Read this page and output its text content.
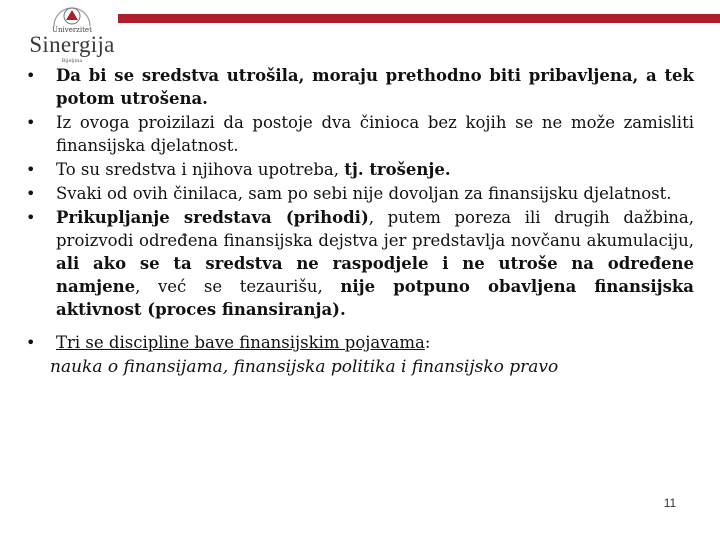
Univerzitet
Sinergija
Bijeljina
• Da bi se sredstva utrošila, moraju prethodno biti pribavljena, a tek potom utrošena.
• Iz ovoga proizilazi da postoje dva činioca bez kojih se ne može zamisliti finansijska djelatnost.
• To su sredstva i njihova upotreba, tj. trošenje.
• Svaki od ovih činilaca, sam po sebi nije dovoljan za finansijsku djelatnost.
• Prikupljanje sredstava (prihodi), putem poreza ili drugih dažbina, proizvodi određena finansijska dejstva jer predstavlja novčanu akumulaciju, ali ako se ta sredstva ne raspodjele i ne utroše na određene namjene, već se tezaurišu, nije potpuno obavljena finansijska aktivnost (proces finansiranja).
• Tri se discipline bave finansijskim pojavama:
nauka o finansijama, finansijska politika i finansijsko pravo
11
